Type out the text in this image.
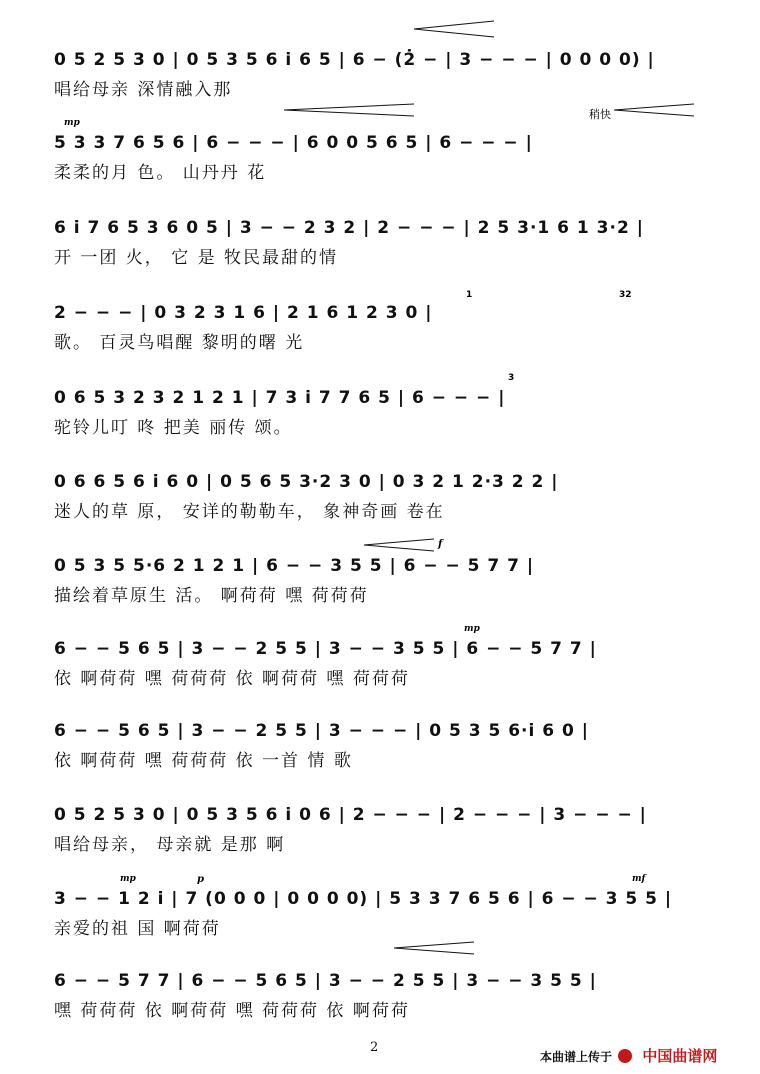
0 5 2 5 3 0 | 0 5 3 5 6 i 6 5 | 6 − (2̇ − | 3 − − − | 0 0 0 0) |
唱给母亲 深情融入那
5 3 3 7 6 5 6 | 6 − − − | 6 0 0 5 6 5 | 6 − − − |
柔柔的月 色。 山丹丹 花
mp
稍快
6 i 7 6 5 3 6 0 5 | 3 − − 2 3 2 | 2 − − − | 2 5 3·1 6 1 3·2 |
开 一团 火， 它 是 牧民最甜的情
2 − − − | 0 3 2 3 1 6 | 2 1 6 1 2 3 0 |
歌。 百灵鸟唱醒 黎明的曙 光
1	32
0 6 5 3 2 3 2 1 2 1 | 7 3 i 7 7 6 5 | 6 − − − |
驼铃儿叮 咚 把美 丽传 颂。
3
0 6 6 5 6 i 6 0 | 0 5 6 5 3·2 3 0 | 0 3 2 1 2·3 2 2 |
迷人的草 原， 安详的勒勒车， 象神奇画 卷在
0 5 3 5 5·6 2 1 2 1 | 6 − − 3 5 5 | 6 − − 5 7 7 |
描绘着草原生 活。 啊荷荷 嘿 荷荷荷
f
6 − − 5 6 5 | 3 − − 2 5 5 | 3 − − 3 5 5 | 6 − − 5 7 7 |
依 啊荷荷 嘿 荷荷荷 依 啊荷荷 嘿 荷荷荷
mp
6 − − 5 6 5 | 3 − − 2 5 5 | 3 − − − | 0 5 3 5 6·i 6 0 |
依 啊荷荷 嘿 荷荷荷 依 一首 情 歌
0 5 2 5 3 0 | 0 5 3 5 6 i 0 6 | 2 − − − | 2 − − − | 3 − − − |
唱给母亲， 母亲就 是那 啊
3 − − 1 2 i | 7 (0 0 0 | 0 0 0 0) | 5 3 3 7 6 5 6 | 6 − − 3 5 5 |
亲爱的祖 国 啊荷荷
mp	p	mf
6 − − 5 7 7 | 6 − − 5 6 5 | 3 − − 2 5 5 | 3 − − 3 5 5 |
嘿 荷荷荷 依 啊荷荷 嘿 荷荷荷 依 啊荷荷
2
本曲谱上传于 中国曲谱网
